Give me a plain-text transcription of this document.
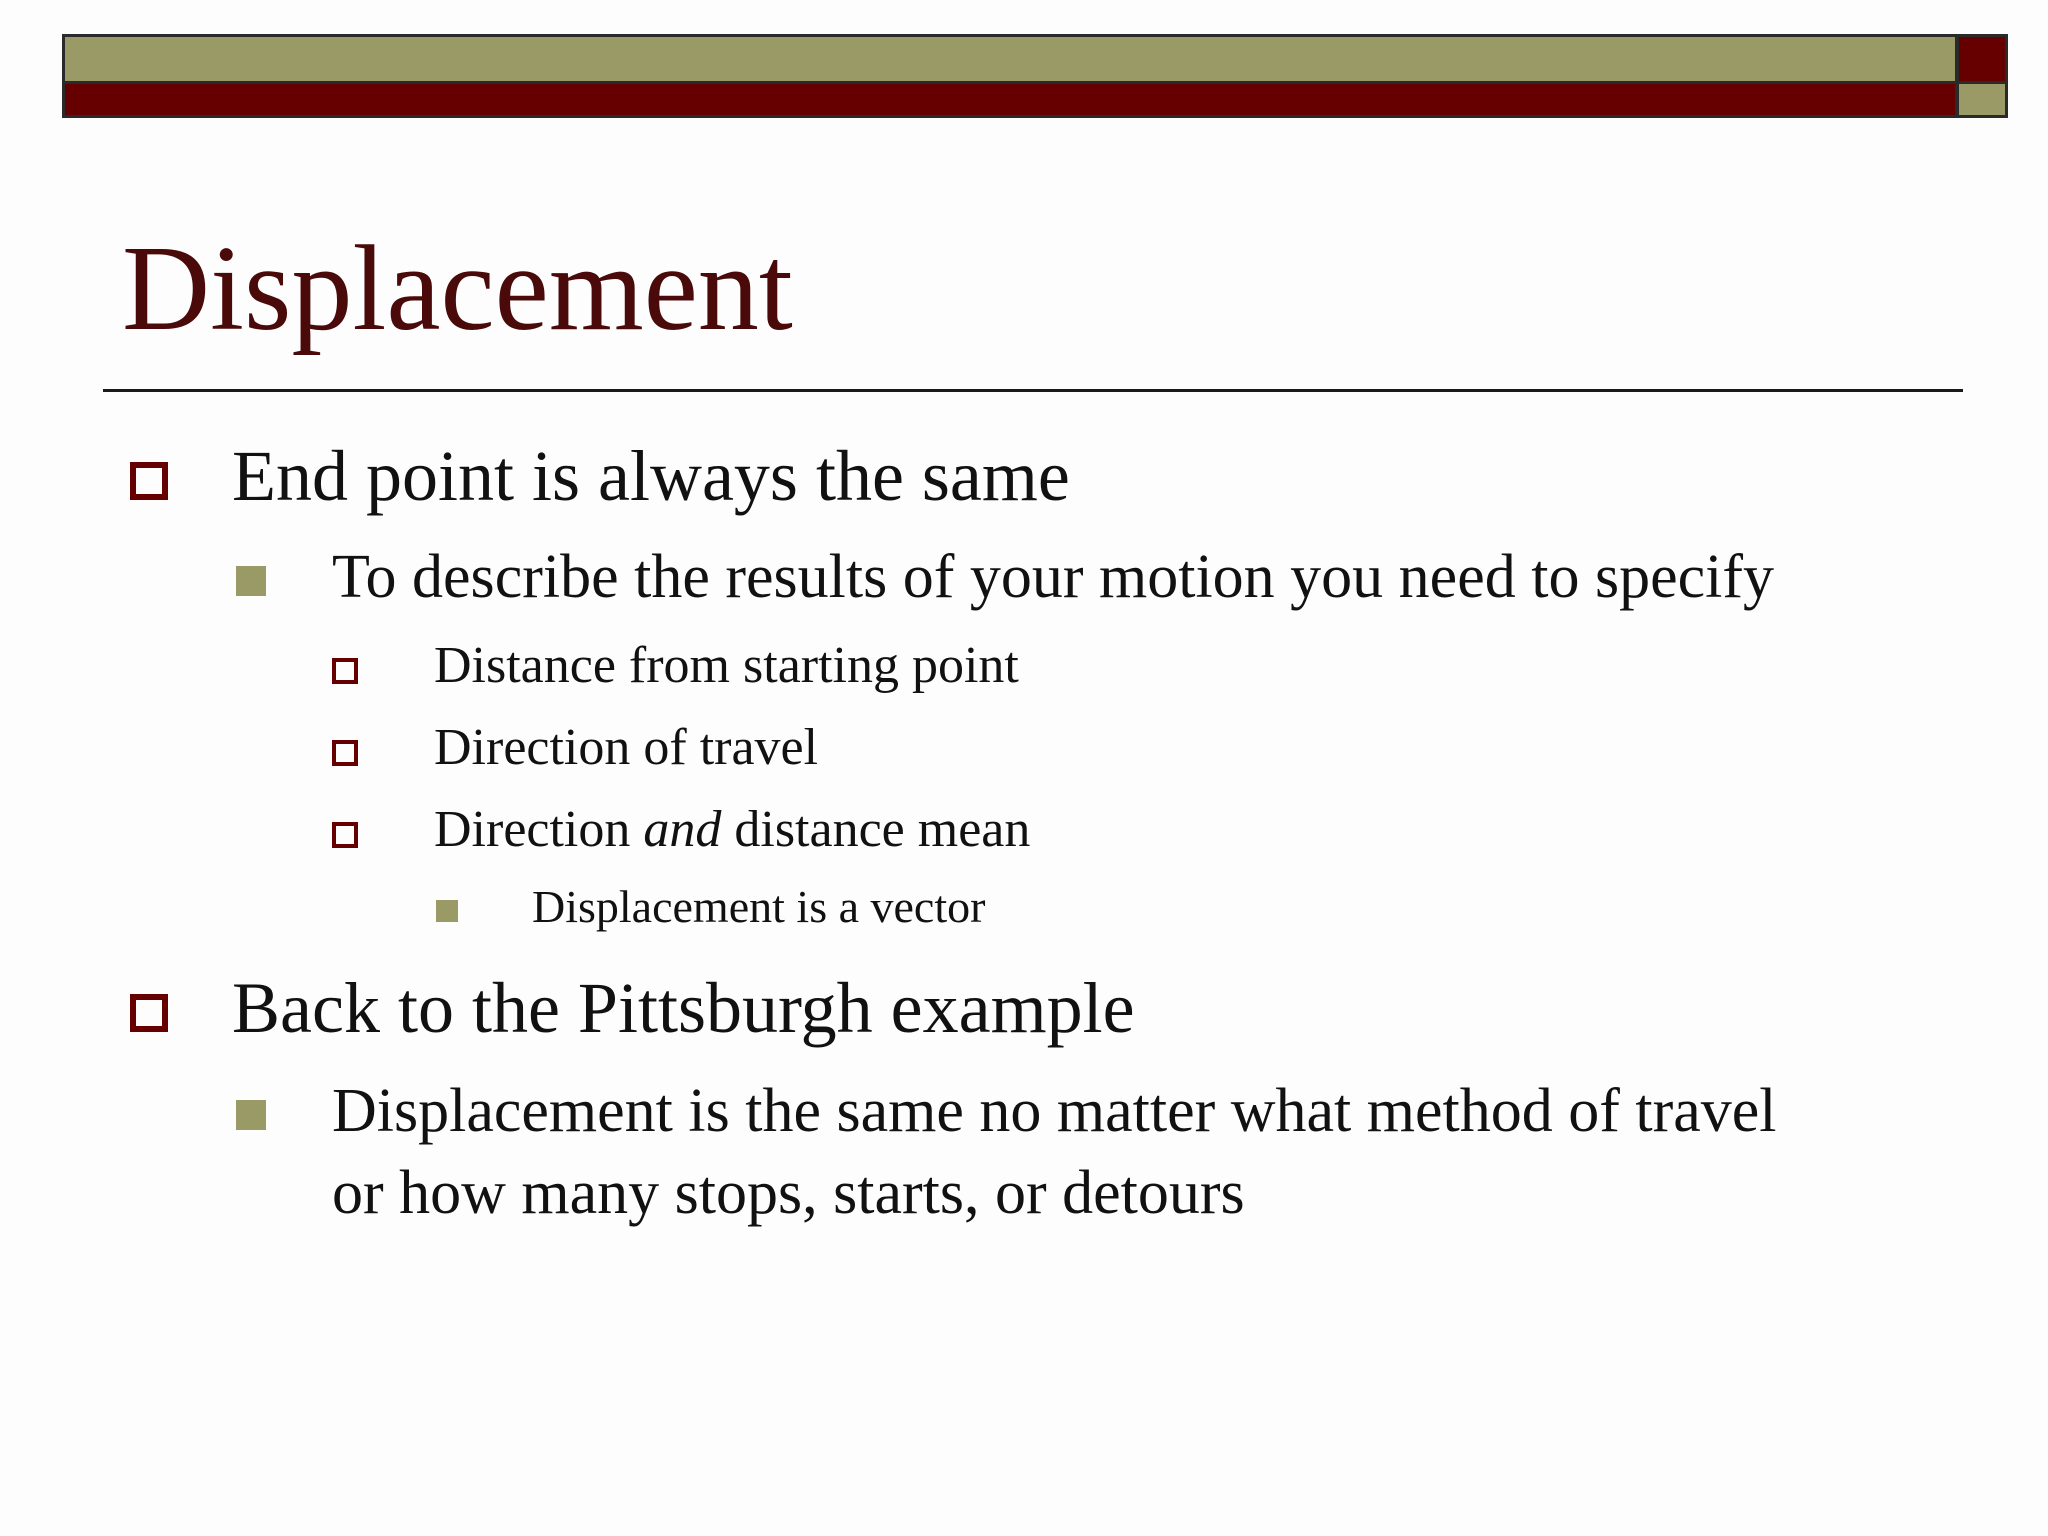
Displacement
End point is always the same
To describe the results of your motion you need to specify
Distance from starting point
Direction of travel
Direction and distance mean
Displacement is a vector
Back to the Pittsburgh example
Displacement is the same no matter what method of travel
or how many stops, starts, or detours
